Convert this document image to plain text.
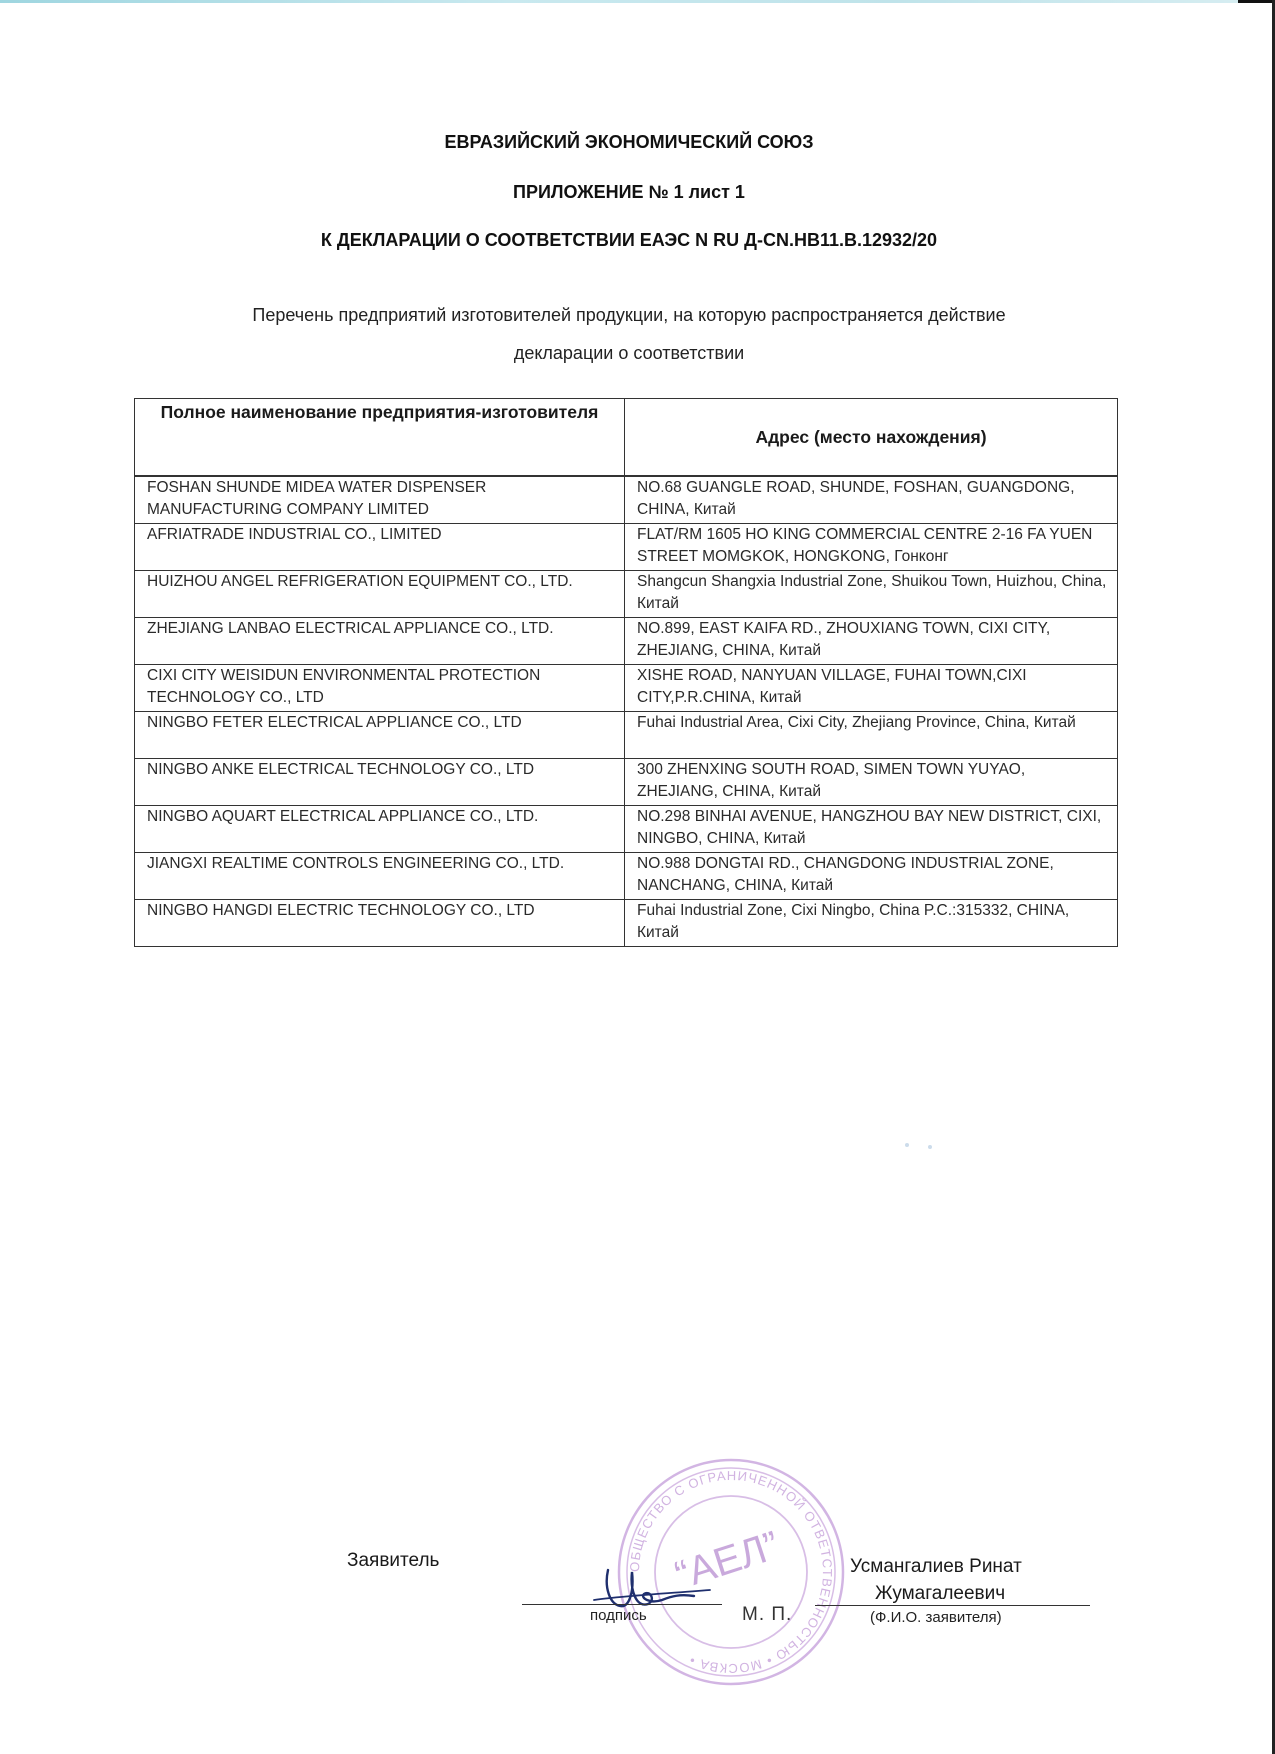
ЕВРАЗИЙСКИЙ ЭКОНОМИЧЕСКИЙ СОЮЗ
ПРИЛОЖЕНИЕ № 1 лист 1
К ДЕКЛАРАЦИИ О СООТВЕТСТВИИ ЕАЭС N RU Д-CN.НВ11.В.12932/20
Перечень предприятий изготовителей продукции, на которую распространяется действие
декларации о соответствии
Полное наименование предприятия-изготовителя	Адрес (место нахождения)
FOSHAN SHUNDE MIDEA WATER DISPENSER MANUFACTURING COMPANY LIMITED	NO.68 GUANGLE ROAD, SHUNDE, FOSHAN, GUANGDONG, CHINA, Китай
AFRIATRADE INDUSTRIAL CO., LIMITED	FLAT/RM 1605 HO KING COMMERCIAL CENTRE 2-16 FA YUEN STREET MOMGKOK, HONGKONG, Гонконг
HUIZHOU ANGEL REFRIGERATION EQUIPMENT CO., LTD.	Shangcun Shangxia Industrial Zone, Shuikou Town, Huizhou, China, Китай
ZHEJIANG LANBAO ELECTRICAL APPLIANCE CO., LTD.	NO.899, EAST KAIFA RD., ZHOUXIANG TOWN, CIXI CITY, ZHEJIANG, CHINA, Китай
CIXI CITY WEISIDUN ENVIRONMENTAL PROTECTION TECHNOLOGY CO., LTD	XISHE ROAD, NANYUAN VILLAGE, FUHAI TOWN,CIXI CITY,P.R.CHINA, Китай
NINGBO FETER ELECTRICAL APPLIANCE CO., LTD	Fuhai Industrial Area, Cixi City, Zhejiang Province, China, Китай
NINGBO ANKE ELECTRICAL TECHNOLOGY CO., LTD	300 ZHENXING SOUTH ROAD, SIMEN TOWN YUYAO, ZHEJIANG, CHINA, Китай
NINGBO AQUART ELECTRICAL APPLIANCE CO., LTD.	NO.298 BINHAI AVENUE, HANGZHOU BAY NEW DISTRICT, CIXI, NINGBO, CHINA, Китай
JIANGXI REALTIME CONTROLS ENGINEERING CO., LTD.	NO.988 DONGTAI RD., CHANGDONG INDUSTRIAL ZONE, NANCHANG, CHINA, Китай
NINGBO HANGDI ELECTRIC TECHNOLOGY CO., LTD	Fuhai Industrial Zone, Cixi Ningbo, China P.C.:315332, CHINA, Китай
ОБЩЕСТВО С ОГРАНИЧЕННОЙ ОТВЕТСТВЕННОСТЬЮ • МОСКВА •
“АЕЛ”
Заявитель
подпись	М. П.
Усмангалиев Ринат
Жумагалеевич
(Ф.И.О. заявителя)
